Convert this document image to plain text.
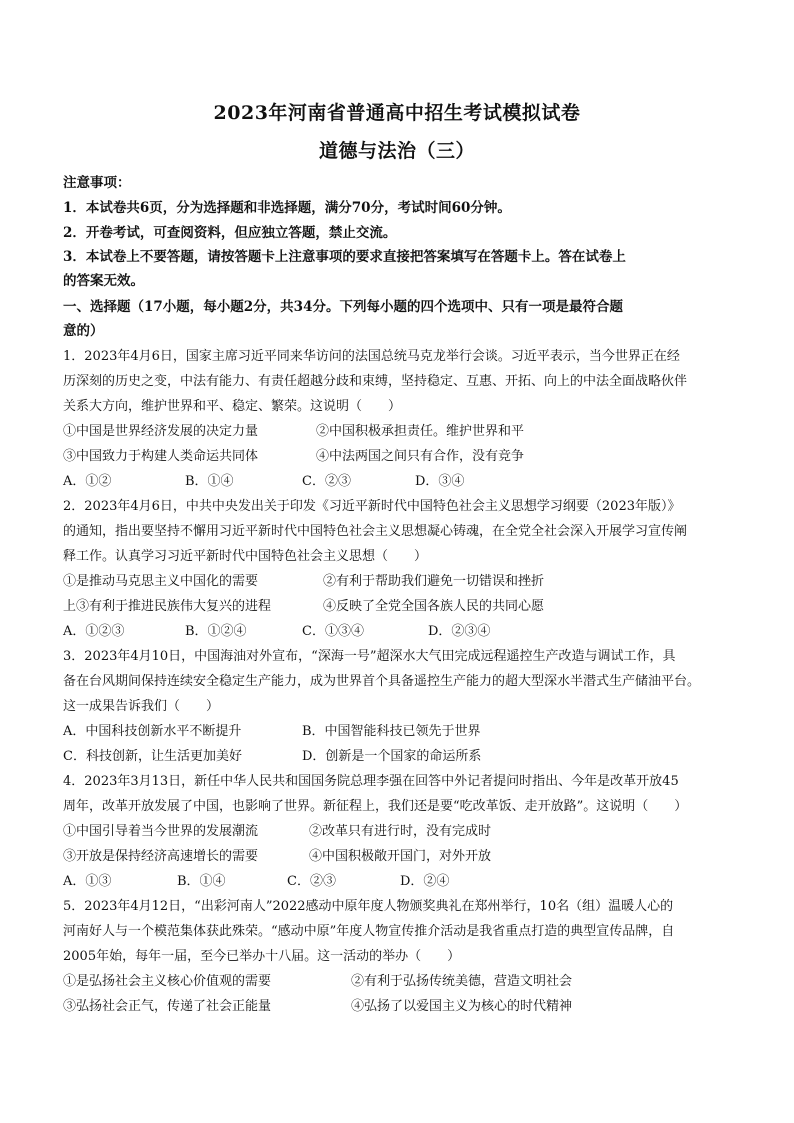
2023年河南省普通高中招生考试模拟试卷
道德与法治（三）
注意事项：
1．本试卷共6页，分为选择题和非选择题，满分70分，考试时间60分钟。
2．开卷考试，可查阅资料，但应独立答题，禁止交流。
3．本试卷上不要答题，请按答题卡上注意事项的要求直接把答案填写在答题卡上。答在试卷上
的答案无效。
一、选择题（17小题，每小题2分，共34分。下列每小题的四个选项中、只有一项是最符合题
意的）
1．2023年4月6日，国家主席习近平同来华访问的法国总统马克龙举行会谈。习近平表示，当今世界正在经
历深刻的历史之变，中法有能力、有责任超越分歧和束缚，坚持稳定、互惠、开拓、向上的中法全面战略伙伴
关系大方向，维护世界和平、稳定、繁荣。这说明（　　）
①中国是世界经济发展的决定力量	②中国积极承担责任。维护世界和平
③中国致力于构建人类命运共同体	④中法两国之间只有合作，没有竞争
A．①②	B．①④	C．②③	D．③④
2．2023年4月6日，中共中央发出关于印发《习近平新时代中国特色社会主义思想学习纲要（2023年版）》
的通知，指出要坚持不懈用习近平新时代中国特色社会主义思想凝心铸魂，在全党全社会深入开展学习宣传阐
释工作。认真学习习近平新时代中国特色社会主义思想（　　）
①是推动马克思主义中国化的需要	②有利于帮助我们避免一切错误和挫折
上③有利于推进民族伟大复兴的进程	④反映了全党全国各族人民的共同心愿
A．①②③	B．①②④	C．①③④	D．②③④
3．2023年4月10日，中国海油对外宣布，“深海一号”超深水大气田完成远程遥控生产改造与调试工作，具
备在台风期间保持连续安全稳定生产能力，成为世界首个具备遥控生产能力的超大型深水半潜式生产储油平台。
这一成果告诉我们（　　）
A．中国科技创新水平不断提升	B．中国智能科技已领先于世界
C．科技创新，让生活更加美好	D．创新是一个国家的命运所系
4．2023年3月13日，新任中华人民共和国国务院总理李强在回答中外记者提问时指出、今年是改革开放45
周年，改革开放发展了中国，也影响了世界。新征程上，我们还是要“吃改革饭、走开放路”。这说明（　　）
①中国引导着当今世界的发展潮流	②改革只有进行时，没有完成时
③开放是保持经济高速增长的需要	④中国积极敞开国门，对外开放
A．①③	B．①④	C．②③	D．②④
5．2023年4月12日，“出彩河南人”2022感动中原年度人物颁奖典礼在郑州举行，10名（组）温暖人心的
河南好人与一个模范集体获此殊荣。“感动中原”年度人物宣传推介活动是我省重点打造的典型宣传品牌，自
2005年始，每年一届，至今已举办十八届。这一活动的举办（　　）
①是弘扬社会主义核心价值观的需要	②有利于弘扬传统美德，营造文明社会
③弘扬社会正气，传递了社会正能量	④弘扬了以爱国主义为核心的时代精神
